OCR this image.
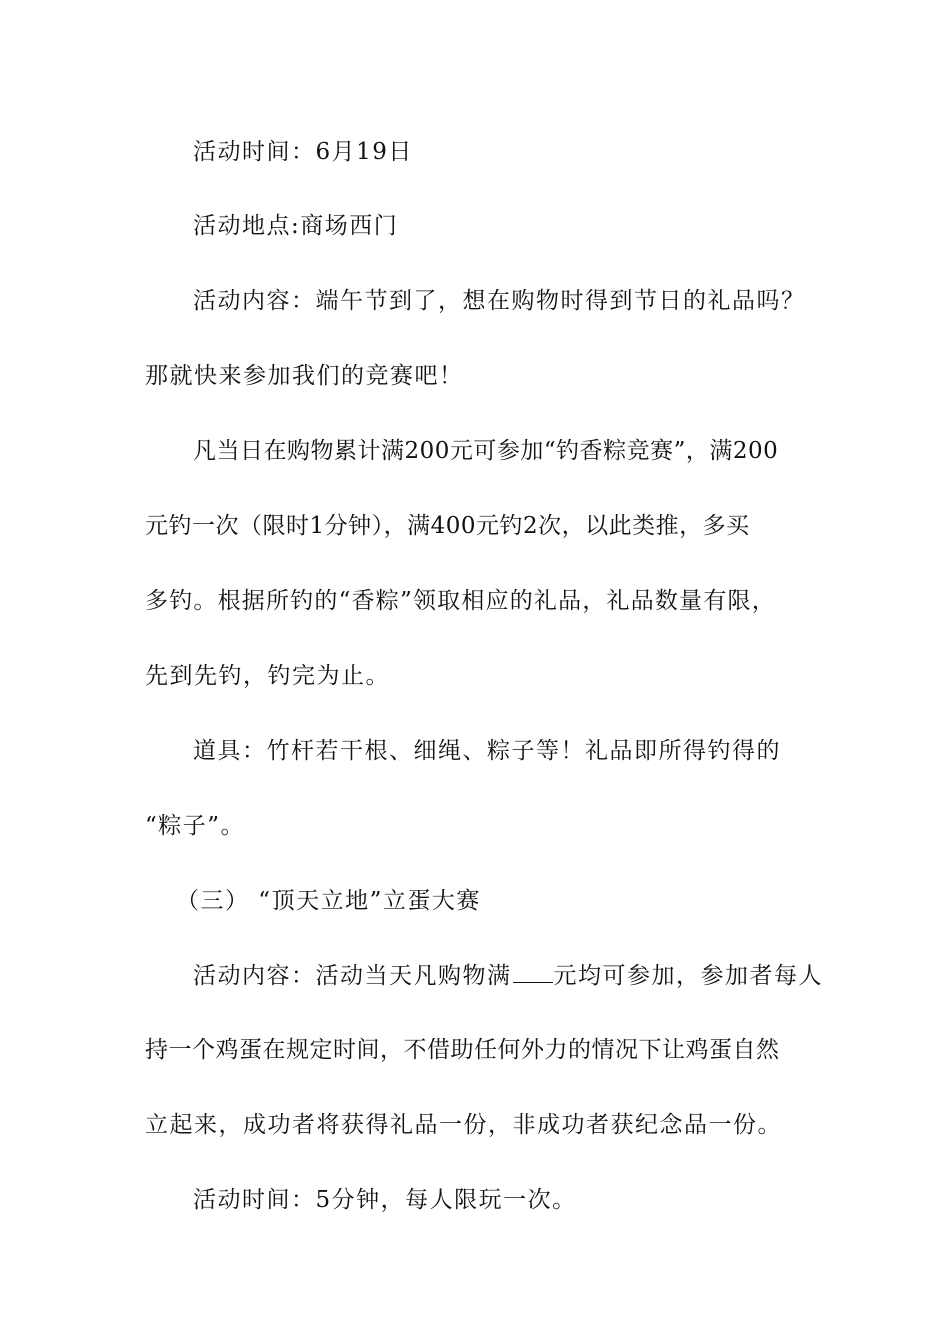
活动时间：6月19日
活动地点:商场西门
活动内容：端午节到了，想在购物时得到节日的礼品吗？
那就快来参加我们的竞赛吧！
凡当日在购物累计满200元可参加“钓香粽竞赛”，满200
元钓一次（限时1分钟），满400元钓2次，以此类推，多买
多钓。根据所钓的“香粽”领取相应的礼品，礼品数量有限，
先到先钓，钓完为止。
道具：竹杆若干根、细绳、粽子等！礼品即所得钓得的
“粽子”。
（三） “顶天立地”立蛋大赛
活动内容：活动当天凡购物满 元均可参加，参加者每人
持一个鸡蛋在规定时间，不借助任何外力的情况下让鸡蛋自然
立起来，成功者将获得礼品一份，非成功者获纪念品一份。
活动时间：5分钟，每人限玩一次。
